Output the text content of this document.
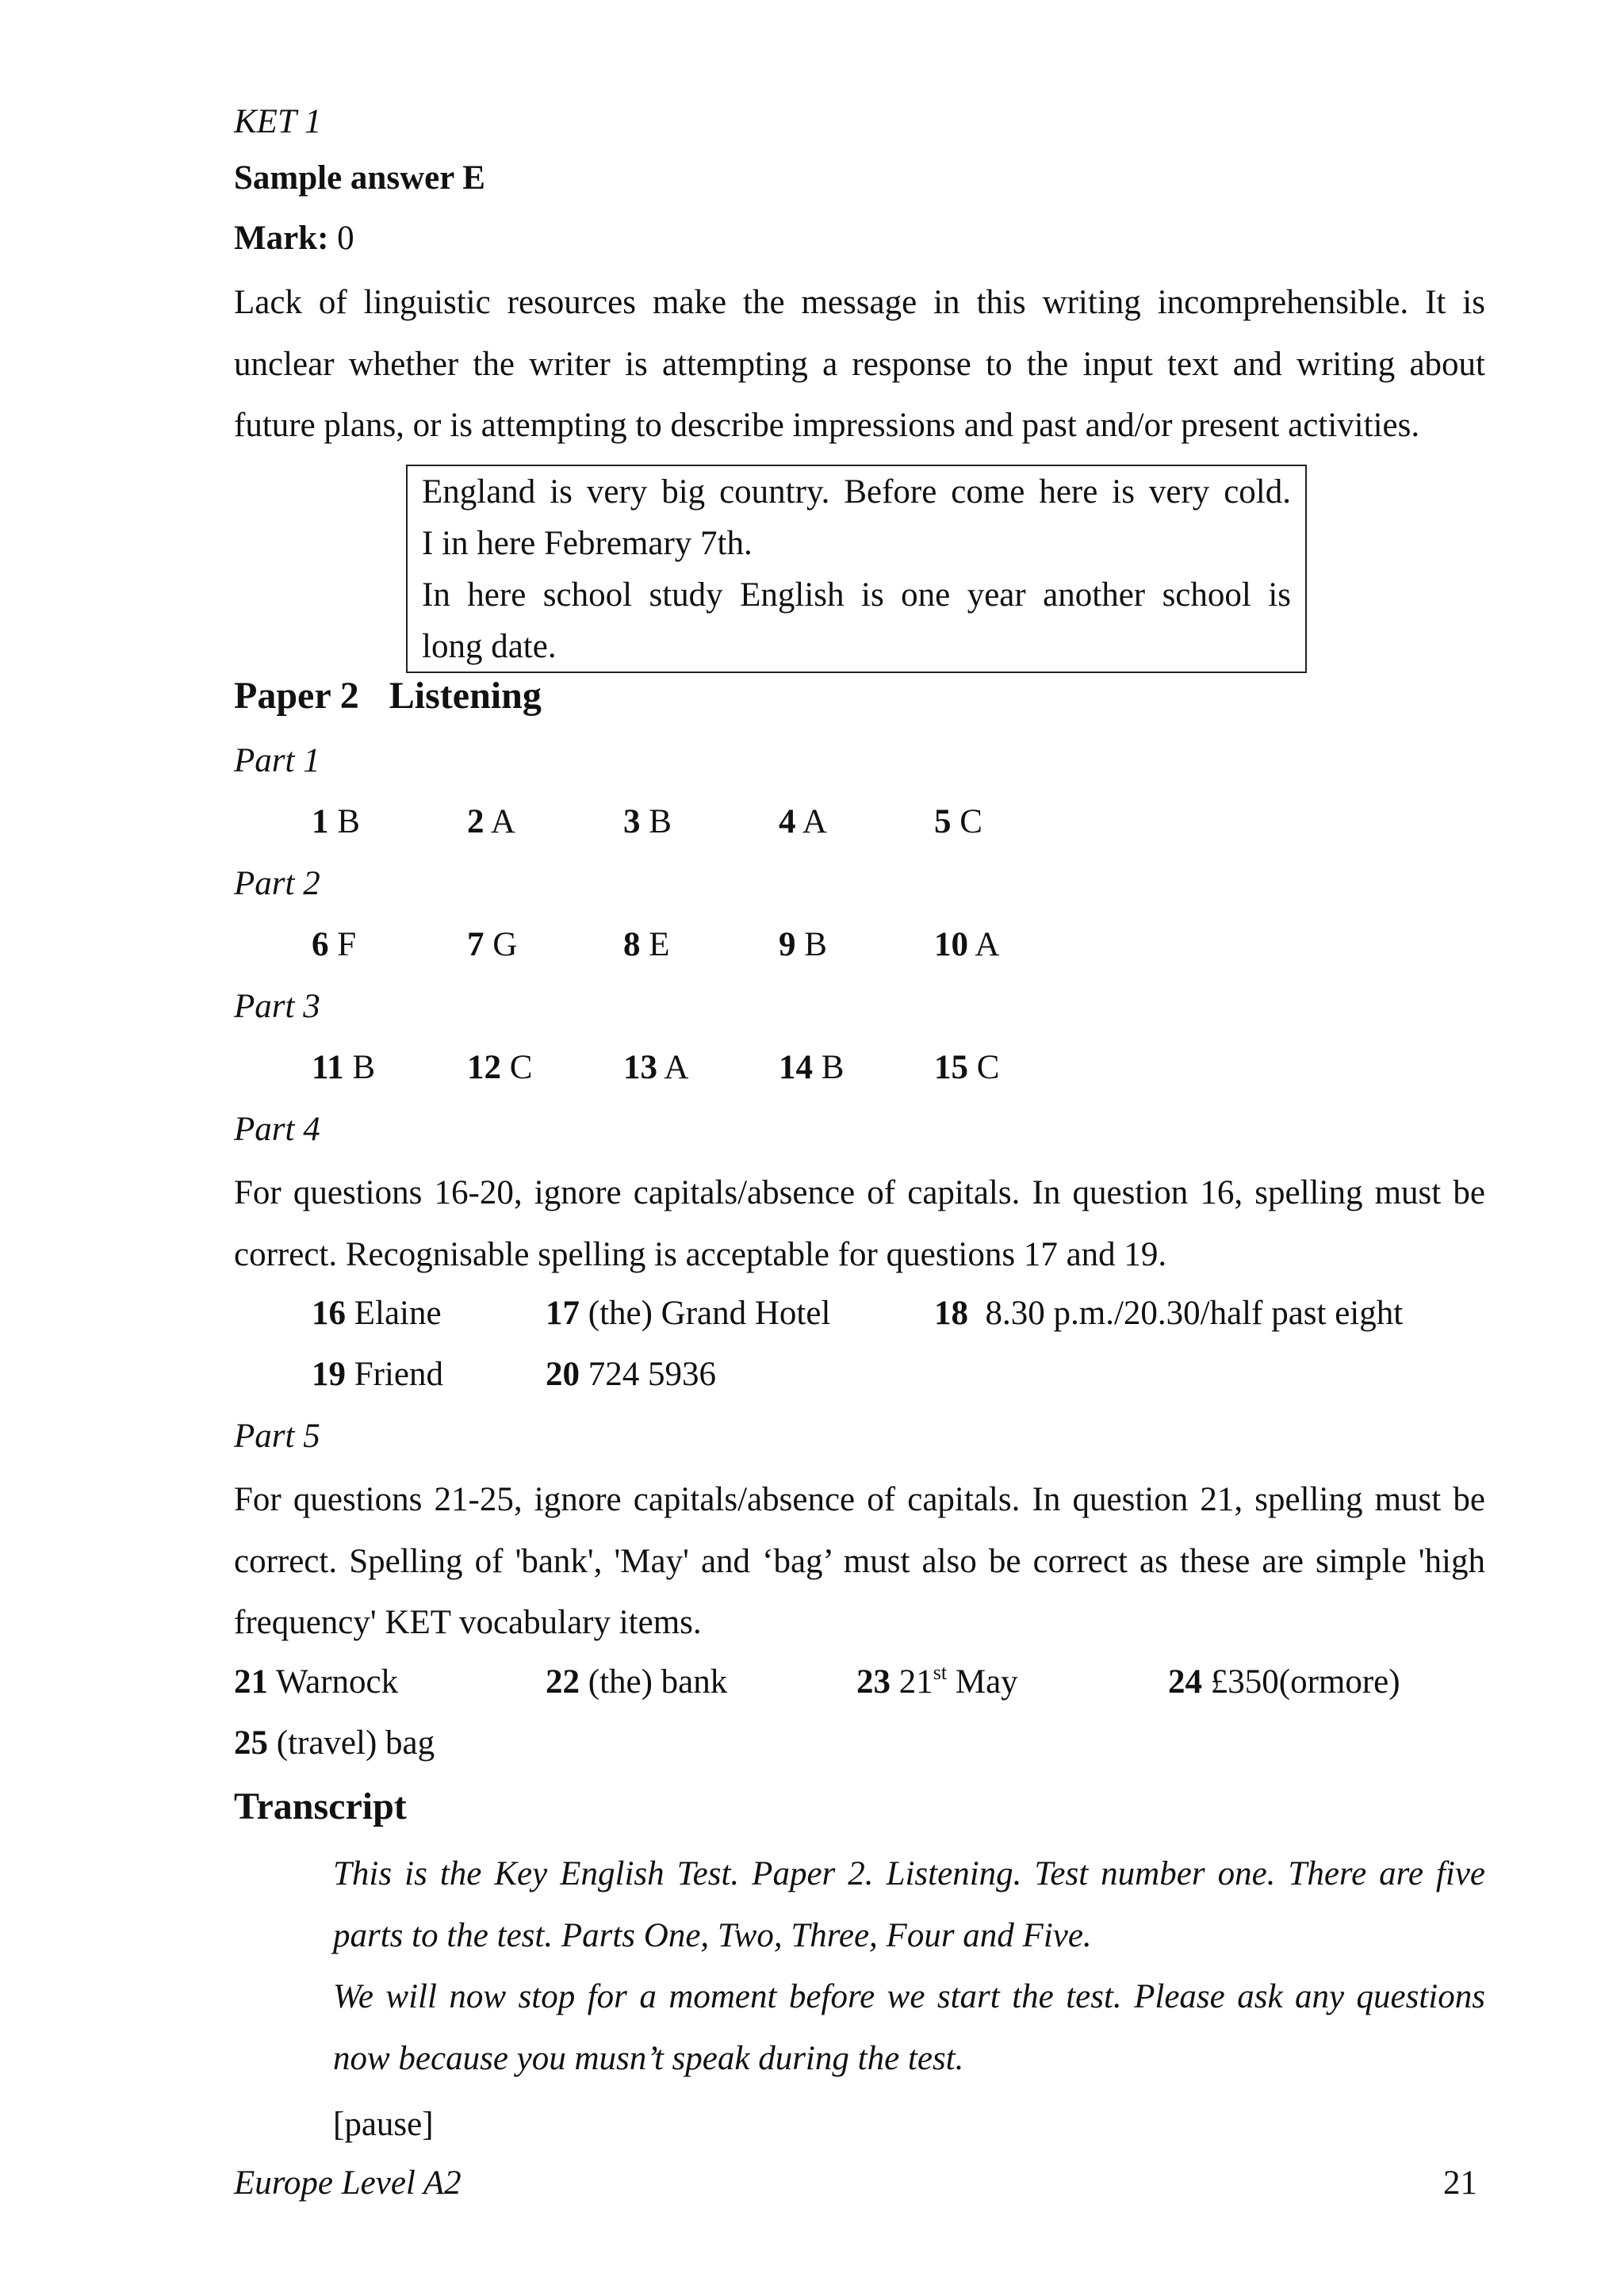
KET 1
Sample answer E
Mark: 0
Lack of linguistic resources make the message in this writing incomprehensible. It is unclear whether the writer is attempting a response to the input text and writing about future plans, or is attempting to describe impressions and past and/or present activities.
England is very big country. Before come here is very cold.
I in here Febremary 7th.
In here school study English is one year another school is
long date.
Paper 2 Listening
Part 1
1 B	2 A	3 B	4 A	5 C
Part 2
6 F	7 G	8 E	9 B	10 A
Part 3
11 B	12 C	13 A	14 B	15 C
Part 4
For questions 16-20, ignore capitals/absence of capitals. In question 16, spelling must be correct. Recognisable spelling is acceptable for questions 17 and 19.
16 Elaine	17 (the) Grand Hotel	18 8.30 p.m./20.30/half past eight
19 Friend	20 724 5936
Part 5
For questions 21-25, ignore capitals/absence of capitals. In question 21, spelling must be correct. Spelling of 'bank', 'May' and ‘bag’ must also be correct as these are simple 'high frequency' KET vocabulary items.
21 Warnock	22 (the) bank	23 21st May	24 £350(ormore)
25 (travel) bag
Transcript
This is the Key English Test. Paper 2. Listening. Test number one. There are five parts to the test. Parts One, Two, Three, Four and Five.
We will now stop for a moment before we start the test. Please ask any questions now because you musn’t speak during the test.
[pause]
Europe Level A2	21
